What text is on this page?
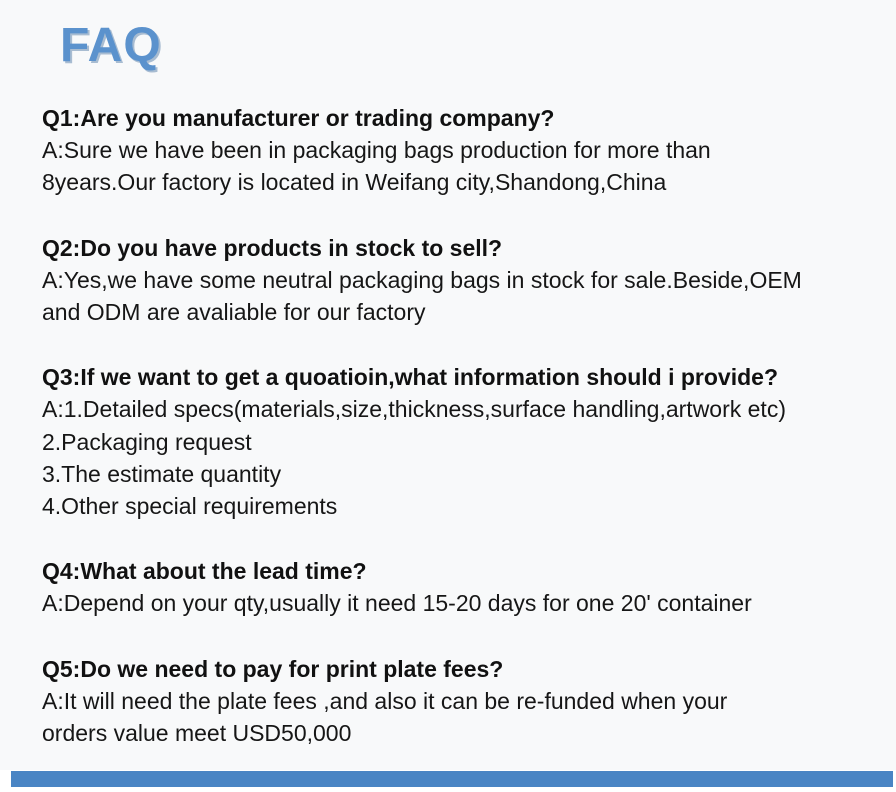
FAQ
Q1:Are you manufacturer or trading company?
A:Sure we have been in packaging bags production for more than
8years.Our factory is located in Weifang city,Shandong,China
Q2:Do you have products in stock to sell?
A:Yes,we have some neutral packaging bags in stock for sale.Beside,OEM
and ODM are avaliable for our factory
Q3:If we want to get a quoatioin,what information should i provide?
A:1.Detailed specs(materials,size,thickness,surface handling,artwork etc)
2.Packaging request
3.The estimate quantity
4.Other special requirements
Q4:What about the lead time?
A:Depend on your qty,usually it need 15-20 days for one 20' container
Q5:Do we need to pay for print plate fees?
A:It will need the plate fees ,and also it can be re-funded when your
orders value meet USD50,000
